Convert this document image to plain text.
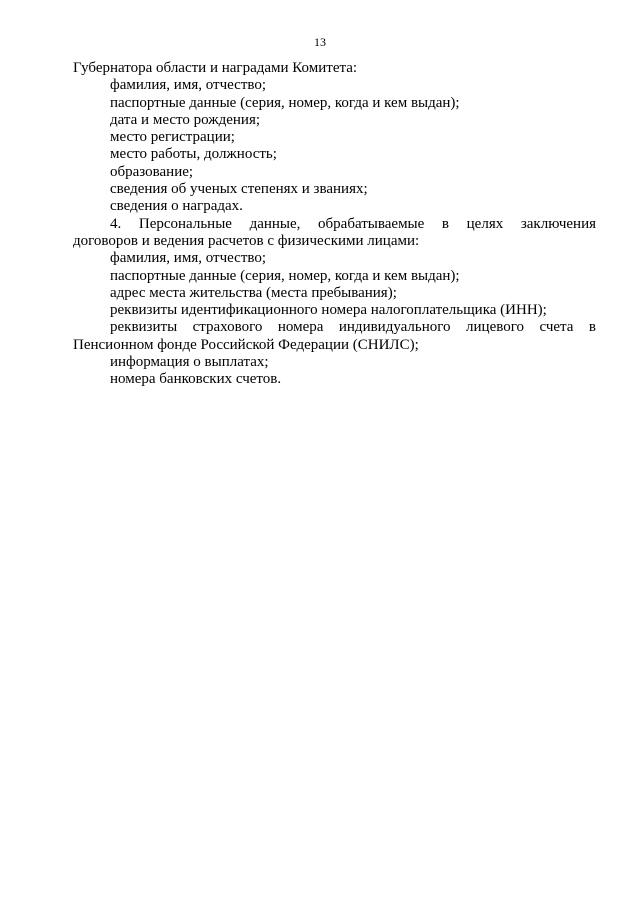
13
Губернатора области и наградами Комитета:
фамилия, имя, отчество;
паспортные данные (серия, номер, когда и кем выдан);
дата и место рождения;
место регистрации;
место работы, должность;
образование;
сведения об ученых степенях и званиях;
сведения о наградах.
4. Персональные данные, обрабатываемые в целях заключения
договоров и ведения расчетов с физическими лицами:
фамилия, имя, отчество;
паспортные данные (серия, номер, когда и кем выдан);
адрес места жительства (места пребывания);
реквизиты идентификационного номера налогоплательщика (ИНН);
реквизиты страхового номера индивидуального лицевого счета в
Пенсионном фонде Российской Федерации (СНИЛС);
информация о выплатах;
номера банковских счетов.
